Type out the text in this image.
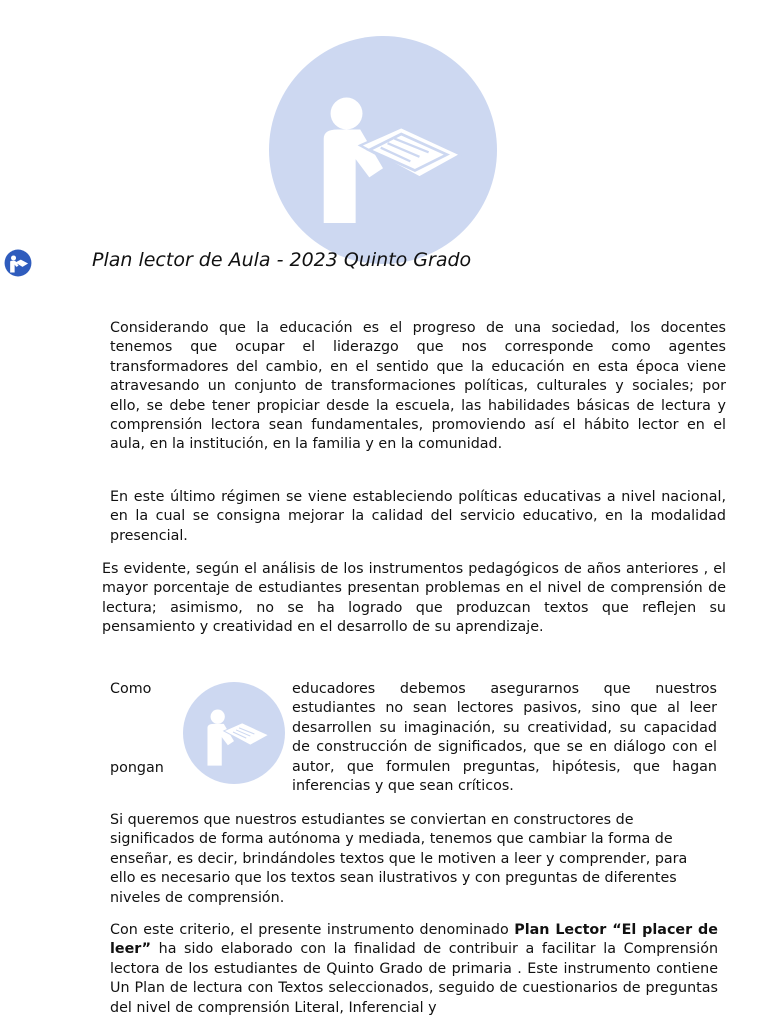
Plan lector de Aula - 2023 Quinto Grado

Considerando que la educación es el progreso de una sociedad, los docentes tenemos que ocupar el liderazgo que nos corresponde como agentes transformadores del cambio, en el sentido que la educación en esta época viene atravesando un conjunto de transformaciones políticas, culturales y sociales; por ello, se debe tener propiciar desde la escuela, las habilidades básicas de lectura y comprensión lectora sean fundamentales, promoviendo así el hábito lector en el aula, en la institución, en la familia y en la comunidad.

En este último régimen se viene estableciendo políticas educativas a nivel nacional, en la cual se consigna mejorar la calidad del servicio educativo, en la modalidad presencial.

Es evidente, según el análisis de los instrumentos pedagógicos de años anteriores , el mayor porcentaje de estudiantes presentan problemas en el nivel de comprensión de lectura; asimismo, no se ha logrado que produzcan textos que reflejen su pensamiento y creatividad en el desarrollo de su aprendizaje.

Como
pongan

educadores debemos asegurarnos que nuestros estudiantes no sean lectores pasivos, sino que al leer desarrollen su imaginación, su creatividad, su capacidad de construcción de significados, que se en diálogo con el autor, que formulen preguntas, hipótesis, que hagan inferencias y que sean críticos.

Si queremos que nuestros estudiantes se conviertan en constructores de significados de forma autónoma y mediada, tenemos que cambiar la forma de enseñar, es decir, brindándoles textos que le motiven a leer y comprender, para ello es necesario que los textos sean ilustrativos y con preguntas de diferentes niveles de comprensión.

Con este criterio, el presente instrumento denominado Plan Lector “El placer de leer” ha sido elaborado con la finalidad de contribuir a facilitar la Comprensión lectora de los estudiantes de Quinto Grado de primaria . Este instrumento contiene Un Plan de lectura con Textos seleccionados, seguido de cuestionarios de preguntas del nivel de comprensión Literal, Inferencial y
